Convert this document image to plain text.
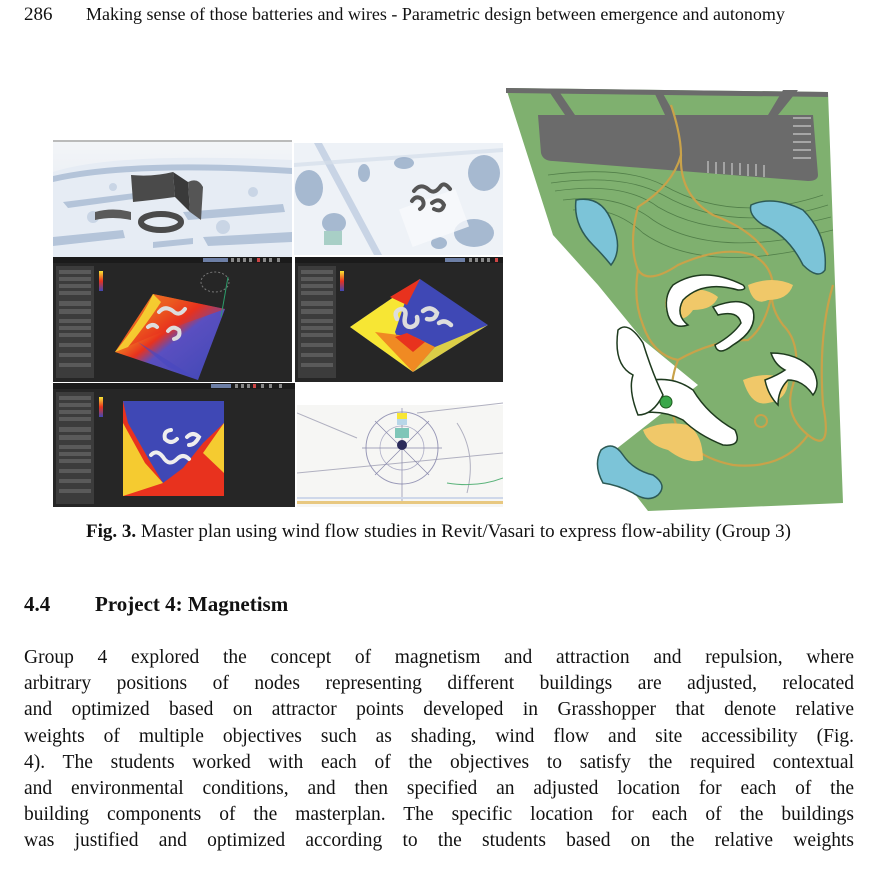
286 Making sense of those batteries and wires - Parametric design between emergence and autonomy
Fig. 3. Master plan using wind flow studies in Revit/Vasari to express flow-ability (Group 3)
4.4 Project 4: Magnetism
Group 4 explored the concept of magnetism and attraction and repulsion, where
arbitrary positions of nodes representing different buildings are adjusted, relocated
and optimized based on attractor points developed in Grasshopper that denote relative
weights of multiple objectives such as shading, wind flow and site accessibility (Fig.
4). The students worked with each of the objectives to satisfy the required contextual
and environmental conditions, and then specified an adjusted location for each of the
building components of the masterplan. The specific location for each of the buildings
was justified and optimized according to the students based on the relative weights
